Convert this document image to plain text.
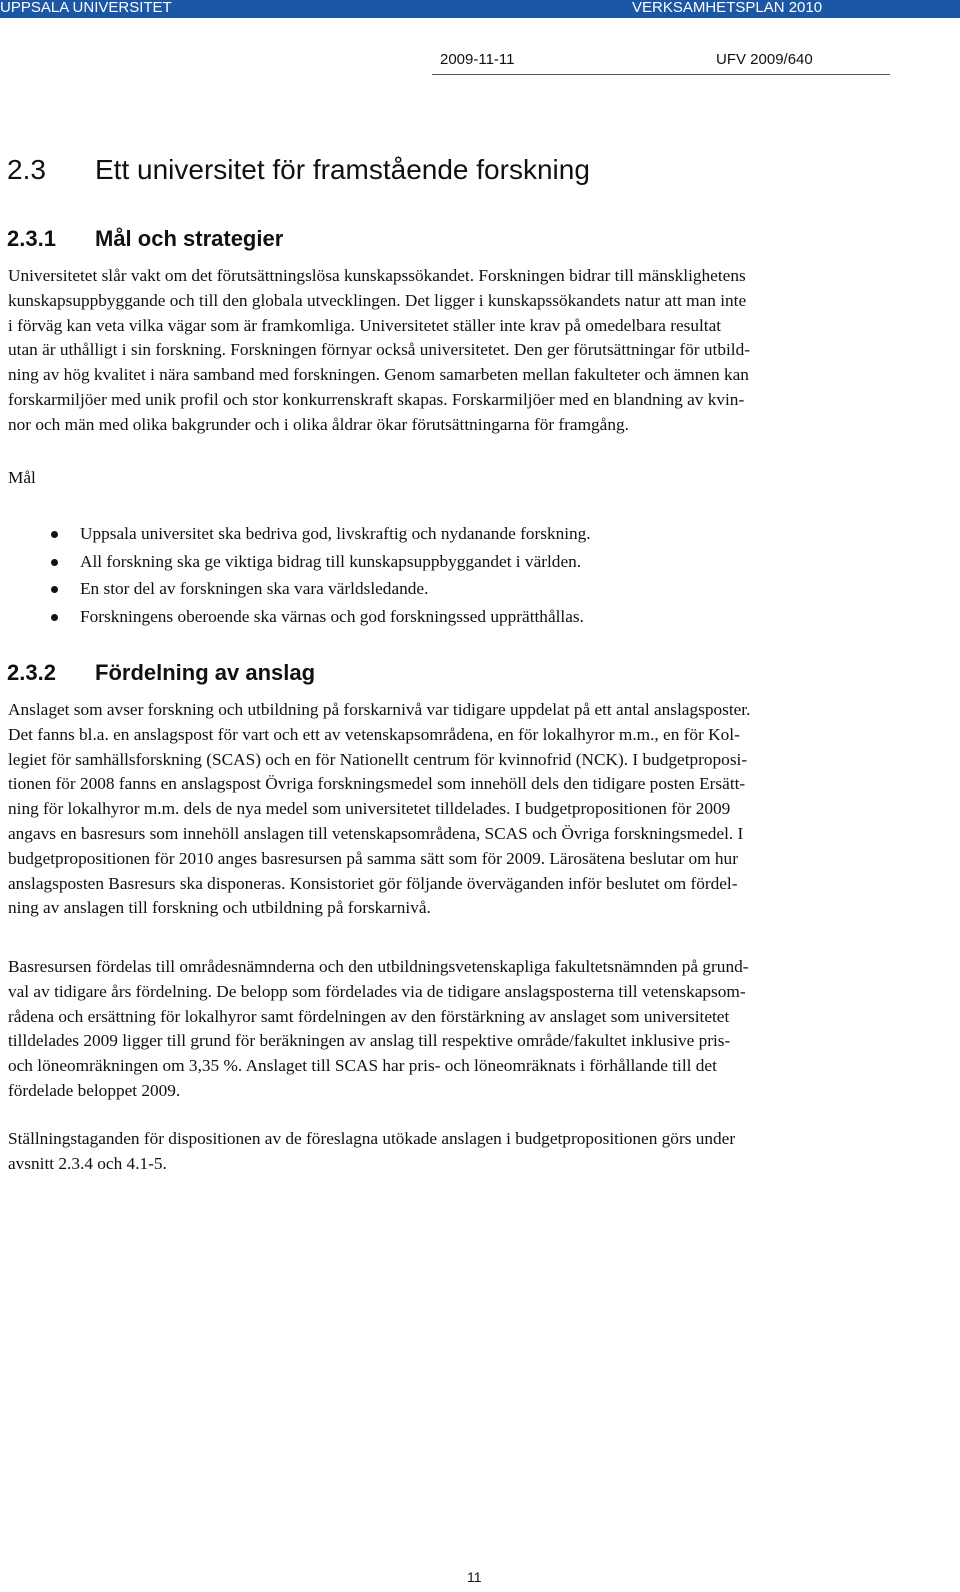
UPPSALA UNIVERSITET	VERKSAMHETSPLAN 2010
2009-11-11	UFV 2009/640
2.3 Ett universitet för framstående forskning
2.3.1 Mål och strategier
Universitetet slår vakt om det förutsättningslösa kunskapssökandet. Forskningen bidrar till mänsklighetens
kunskapsuppbyggande och till den globala utvecklingen. Det ligger i kunskapssökandets natur att man inte
i förväg kan veta vilka vägar som är framkomliga. Universitetet ställer inte krav på omedelbara resultat
utan är uthålligt i sin forskning. Forskningen förnyar också universitetet. Den ger förutsättningar för utbild-
ning av hög kvalitet i nära samband med forskningen. Genom samarbeten mellan fakulteter och ämnen kan
forskarmiljöer med unik profil och stor konkurrenskraft skapas. Forskarmiljöer med en blandning av kvin-
nor och män med olika bakgrunder och i olika åldrar ökar förutsättningarna för framgång.
Mål
Uppsala universitet ska bedriva god, livskraftig och nydanande forskning.
All forskning ska ge viktiga bidrag till kunskapsuppbyggandet i världen.
En stor del av forskningen ska vara världsledande.
Forskningens oberoende ska värnas och god forskningssed upprätthållas.
2.3.2 Fördelning av anslag
Anslaget som avser forskning och utbildning på forskarnivå var tidigare uppdelat på ett antal anslagsposter.
Det fanns bl.a. en anslagspost för vart och ett av vetenskapsområdena, en för lokalhyror m.m., en för Kol-
legiet för samhällsforskning (SCAS) och en för Nationellt centrum för kvinnofrid (NCK). I budgetproposi-
tionen för 2008 fanns en anslagspost Övriga forskningsmedel som innehöll dels den tidigare posten Ersätt-
ning för lokalhyror m.m. dels de nya medel som universitetet tilldelades. I budgetpropositionen för 2009
angavs en basresurs som innehöll anslagen till vetenskapsområdena, SCAS och Övriga forskningsmedel. I
budgetpropositionen för 2010 anges basresursen på samma sätt som för 2009. Lärosätena beslutar om hur
anslagsposten Basresurs ska disponeras. Konsistoriet gör följande överväganden inför beslutet om fördel-
ning av anslagen till forskning och utbildning på forskarnivå.
Basresursen fördelas till områdesnämnderna och den utbildningsvetenskapliga fakultetsnämnden på grund-
val av tidigare års fördelning. De belopp som fördelades via de tidigare anslagsposterna till vetenskapsom-
rådena och ersättning för lokalhyror samt fördelningen av den förstärkning av anslaget som universitetet
tilldelades 2009 ligger till grund för beräkningen av anslag till respektive område/fakultet inklusive pris-
och löneomräkningen om 3,35 %. Anslaget till SCAS har pris- och löneomräknats i förhållande till det
fördelade beloppet 2009.
Ställningstaganden för dispositionen av de föreslagna utökade anslagen i budgetpropositionen görs under
avsnitt 2.3.4 och 4.1-5.
11
